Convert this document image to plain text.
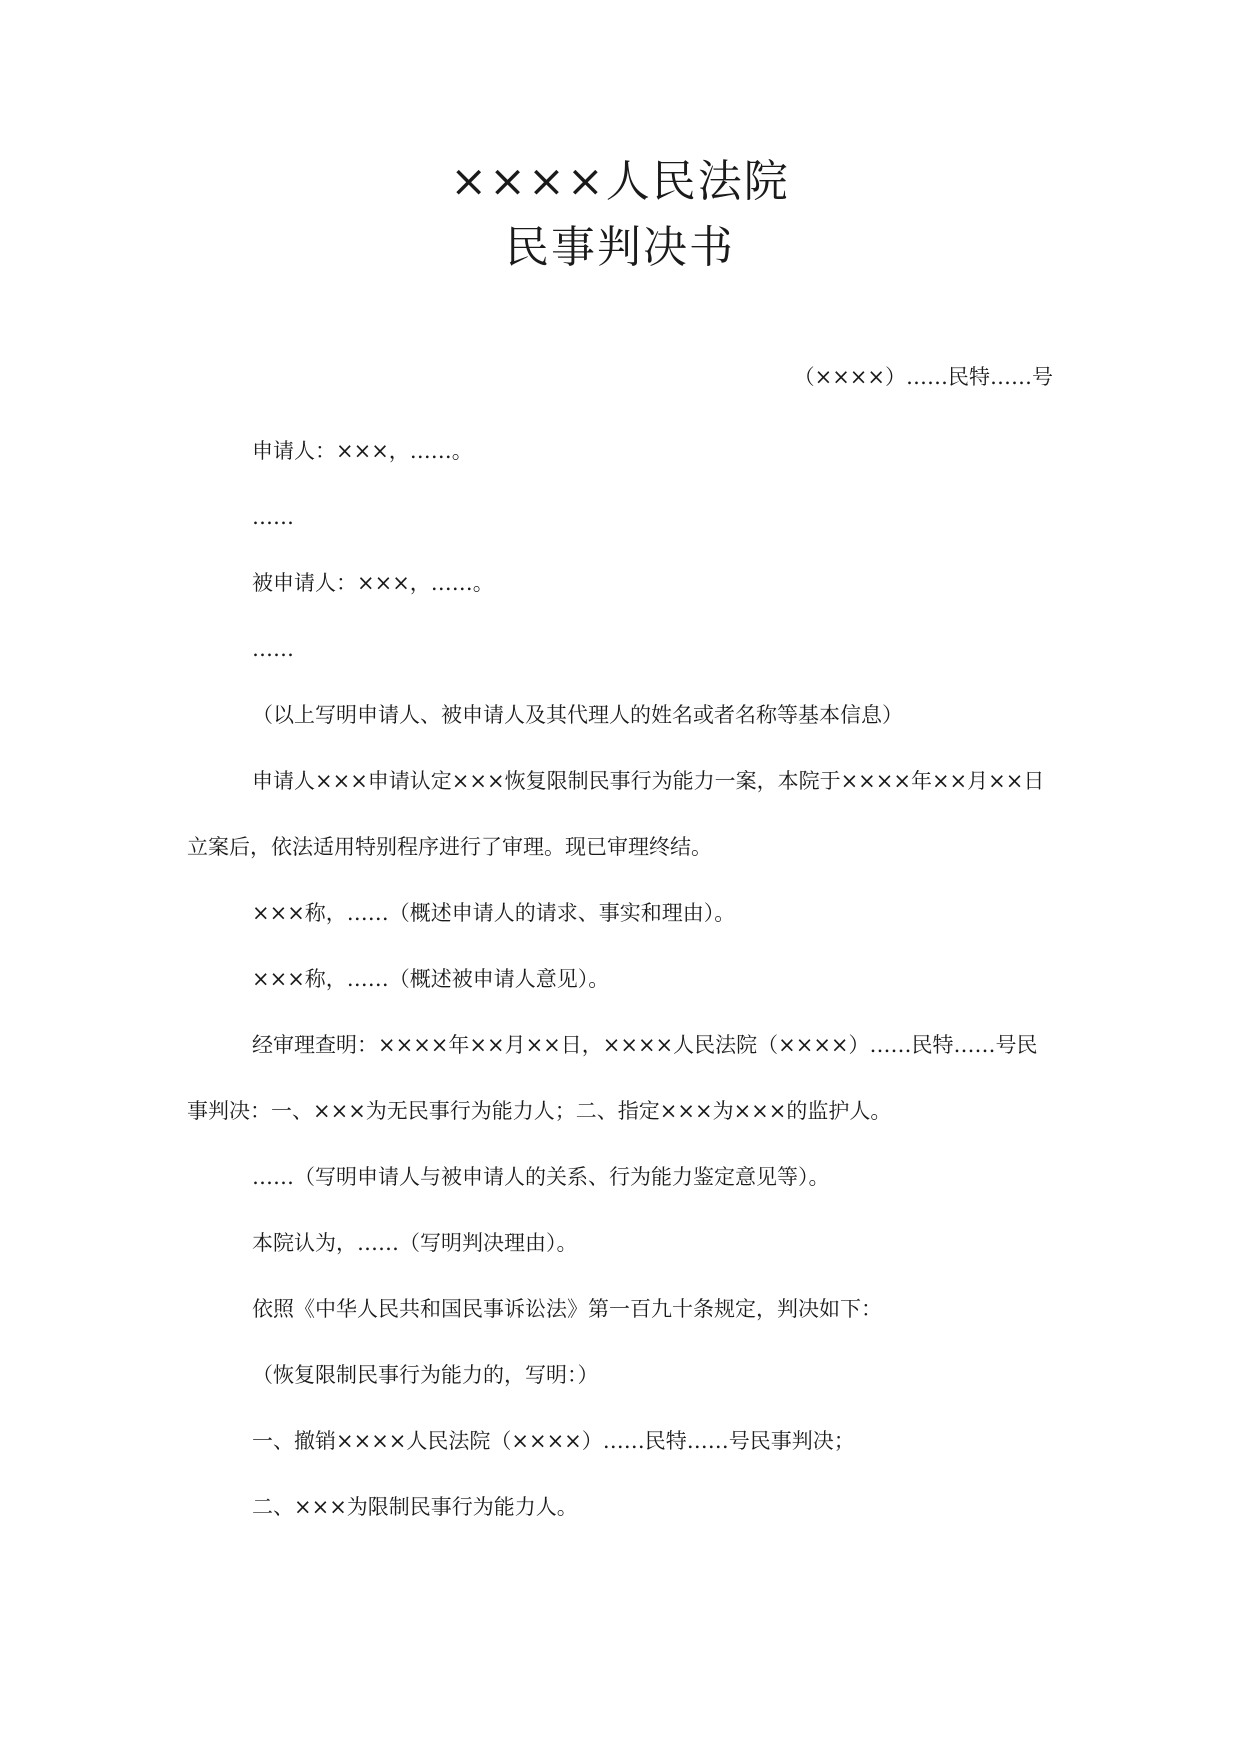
××××人民法院
民事判决书
（××××）……民特……号

申请人：×××，……。

……

被申请人：×××，……。

……

（以上写明申请人、被申请人及其代理人的姓名或者名称等基本信息）

申请人×××申请认定×××恢复限制民事行为能力一案，本院于××××年××月××日立案后，依法适用特别程序进行了审理。现已审理终结。

×××称，……（概述申请人的请求、事实和理由）。

×××称，……（概述被申请人意见）。

经审理查明：××××年××月××日，××××人民法院（××××）……民特……号民事判决：一、×××为无民事行为能力人；二、指定×××为×××的监护人。

……（写明申请人与被申请人的关系、行为能力鉴定意见等）。

本院认为，……（写明判决理由）。

依照《中华人民共和国民事诉讼法》第一百九十条规定，判决如下：

（恢复限制民事行为能力的，写明：）

一、撤销××××人民法院（××××）……民特……号民事判决；

二、×××为限制民事行为能力人。
